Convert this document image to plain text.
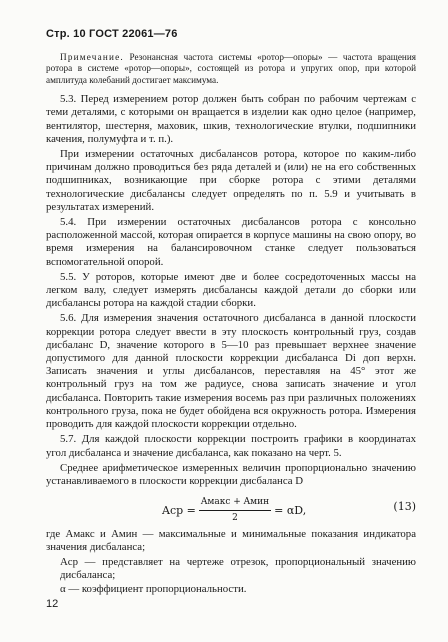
Стр. 10 ГОСТ 22061—76

Примечание. Резонансная частота системы «ротор—опоры» — частота вращения ротора в системе «ротор—опоры», состоящей из ротора и упругих опор, при которой амплитуда колебаний достигает максимума.

5.3. Перед измерением ротор должен быть собран по рабочим чертежам с теми деталями, с которыми он вращается в изделии как одно целое (например, вентилятор, шестерня, маховик, шкив, технологические втулки, подшипники качения, полумуфта и т. п.).

При измерении остаточных дисбалансов ротора, которое по каким-либо причинам должно проводиться без ряда деталей и (или) не на его собственных подшипниках, возникающие при сборке ротора с этими деталями технологические дисбалансы следует определять по п. 5.9 и учитывать в результатах измерений.

5.4. При измерении остаточных дисбалансов ротора с консольно расположенной массой, которая опирается в корпусе машины на свою опору, во время измерения на балансировочном станке следует пользоваться вспомогательной опорой.

5.5. У роторов, которые имеют две и более сосредоточенных массы на легком валу, следует измерять дисбалансы каждой детали до сборки или дисбалансы ротора на каждой стадии сборки.

5.6. Для измерения значения остаточного дисбаланса в данной плоскости коррекции ротора следует ввести в эту плоскость контрольный груз, создав дисбаланс D, значение которого в 5—10 раз превышает верхнее значение допустимого для данной плоскости коррекции дисбаланса Di доп верхн. Записать значения и углы дисбалансов, переставляя на 45° этот же контрольный груз на том же радиусе, снова записать значение и угол дисбаланса. Повторить такие измерения восемь раз при различных положениях контрольного груза, пока не будет обойдена вся окружность ротора. Измерения проводить для каждой плоскости коррекции отдельно.

5.7. Для каждой плоскости коррекции построить графики в координатах угол дисбаланса и значение дисбаланса, как показано на черт. 5.

Среднее арифметическое измеренных величин пропорционально значению устанавливаемого в плоскости коррекции дисбаланса D

Aср = $\frac{\text{Aмакс + Aмин}}{2} = \alpha D$,	(13)

где Aмакс и Aмин — максимальные и минимальные показания индикатора значения дисбаланса;

Aср — представляет на чертеже отрезок, пропорциональный значению дисбаланса;

α — коэффициент пропорциональности.

12
